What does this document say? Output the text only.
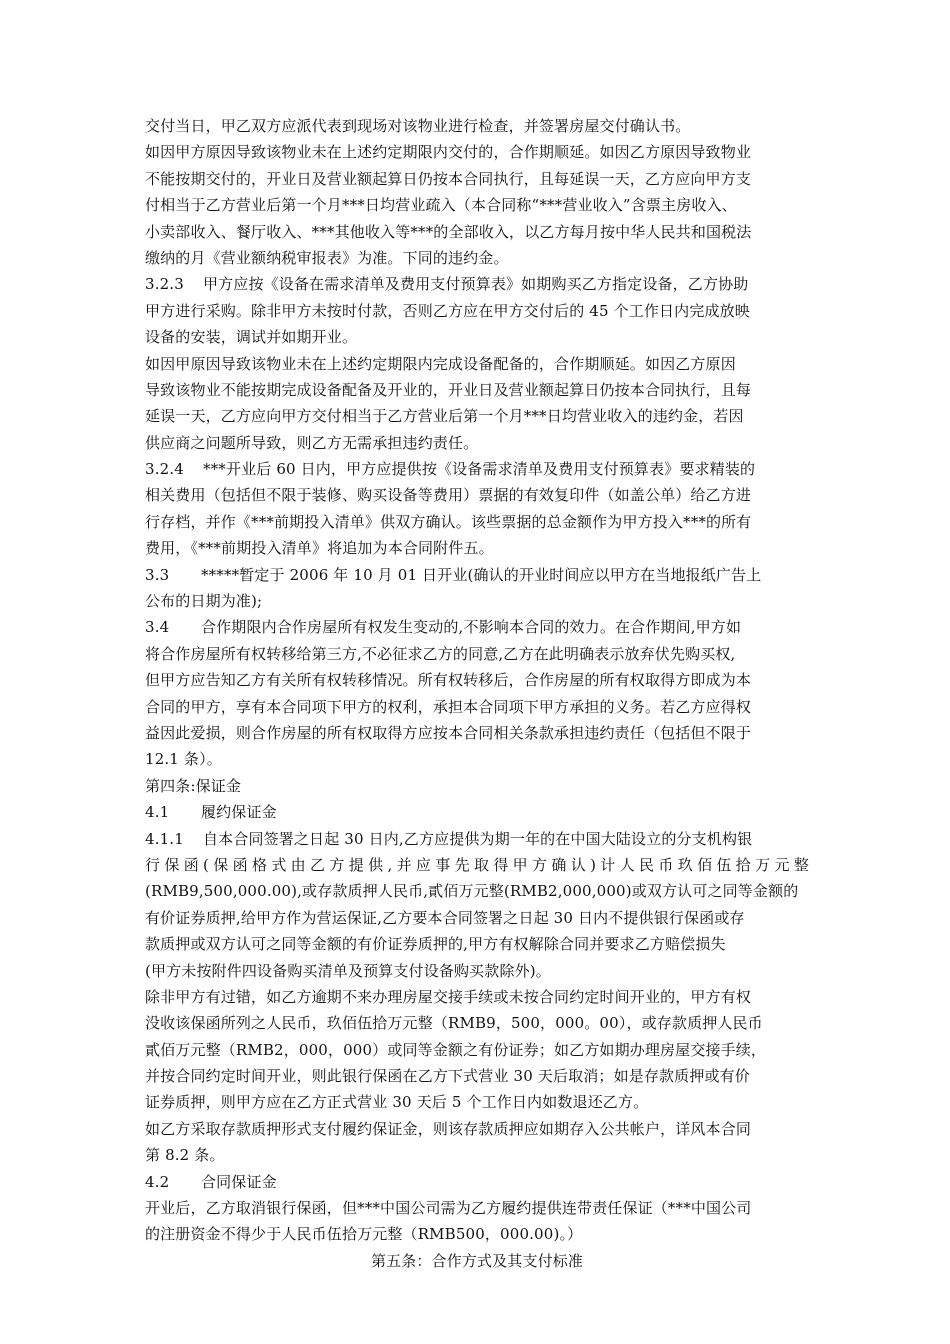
交付当日，甲乙双方应派代表到现场对该物业进行检查，并签署房屋交付确认书。
如因甲方原因导致该物业未在上述约定期限内交付的，合作期顺延。如因乙方原因导致物业
不能按期交付的，开业日及营业额起算日仍按本合同执行，且每延误一天，乙方应向甲方支
付相当于乙方营业后第一个月***日均营业疏入（本合同称“***营业收入”含票主房收入、
小卖部收入、餐厅收入、***其他收入等***的全部收入，以乙方每月按中华人民共和国税法
缴纳的月《营业额纳税审报表》为准。下同的违约金。
3.2.3 甲方应按《设备在需求清单及费用支付预算表》如期购买乙方指定设备，乙方协助
甲方进行采购。除非甲方未按时付款，否则乙方应在甲方交付后的 45 个工作日内完成放映
设备的安装，调试并如期开业。
如因甲原因导致该物业未在上述约定期限内完成设备配备的，合作期顺延。如因乙方原因
导致该物业不能按期完成设备配备及开业的，开业日及营业额起算日仍按本合同执行，且每
延误一天，乙方应向甲方交付相当于乙方营业后第一个月***日均营业收入的违约金，若因
供应商之问题所导致，则乙方无需承担违约责任。
3.2.4 ***开业后 60 日内，甲方应提供按《设备需求清单及费用支付预算表》要求精装的
相关费用（包括但不限于装修、购买设备等费用）票据的有效复印件（如盖公单）给乙方进
行存档，并作《***前期投入清单》供双方确认。该些票据的总金额作为甲方投入***的所有
费用，《***前期投入清单》将追加为本合同附件五。
3.3 *****暂定于 2006 年 10 月 01 日开业(确认的开业时间应以甲方在当地报纸广告上
公布的日期为准);
3.4 合作期限内合作房屋所有权发生变动的,不影响本合同的效力。在合作期间,甲方如
将合作房屋所有权转移给第三方,不必征求乙方的同意,乙方在此明确表示放弃伏先购买权,
但甲方应告知乙方有关所有权转移情况。所有权转移后，合作房屋的所有权取得方即成为本
合同的甲方，享有本合同项下甲方的权利，承担本合同项下甲方承担的义务。若乙方应得权
益因此爱损，则合作房屋的所有权取得方应按本合同相关条款承担违约责任（包括但不限于
12.1 条）。
第四条:保证金
4.1 履约保证金
4.1.1 自本合同签署之日起 30 日内,乙方应提供为期一年的在中国大陆设立的分支机构银
行保函(保函格式由乙方提供,并应事先取得甲方确认)计人民币玖佰伍拾万元整
(RMB9,500,000.00),或存款质押人民币,貳佰万元整(RMB2,000,000)或双方认可之同等金额的
有价证券质押,给甲方作为营运保证,乙方要本合同签署之日起 30 日内不提供银行保函或存
款质押或双方认可之同等金额的有价证券质押的,甲方有权解除合同并要求乙方赔偿损失
(甲方未按附件四设备购买清单及预算支付设备购买款除外)。
除非甲方有过错，如乙方逾期不来办理房屋交接手续或未按合同约定时间开业的，甲方有权
没收该保函所列之人民币，玖佰伍拾万元整（RMB9，500，000。00），或存款质押人民币
貳佰万元整（RMB2，000，000）或同等金额之有份证券；如乙方如期办理房屋交接手续，
并按合同约定时间开业，则此银行保函在乙方下式营业 30 天后取消；如是存款质押或有价
证券质押，则甲方应在乙方正式营业 30 天后 5 个工作日内如数退还乙方。
如乙方采取存款质押形式支付履约保证金，则该存款质押应如期存入公共帐户，详风本合同
第 8.2 条。
4.2 合同保证金
开业后，乙方取消银行保函，但***中国公司需为乙方履约提供连带责任保证（***中国公司
的注册资金不得少于人民币伍拾万元整（RMB500，000.00)。）
第五条：合作方式及其支付标准
